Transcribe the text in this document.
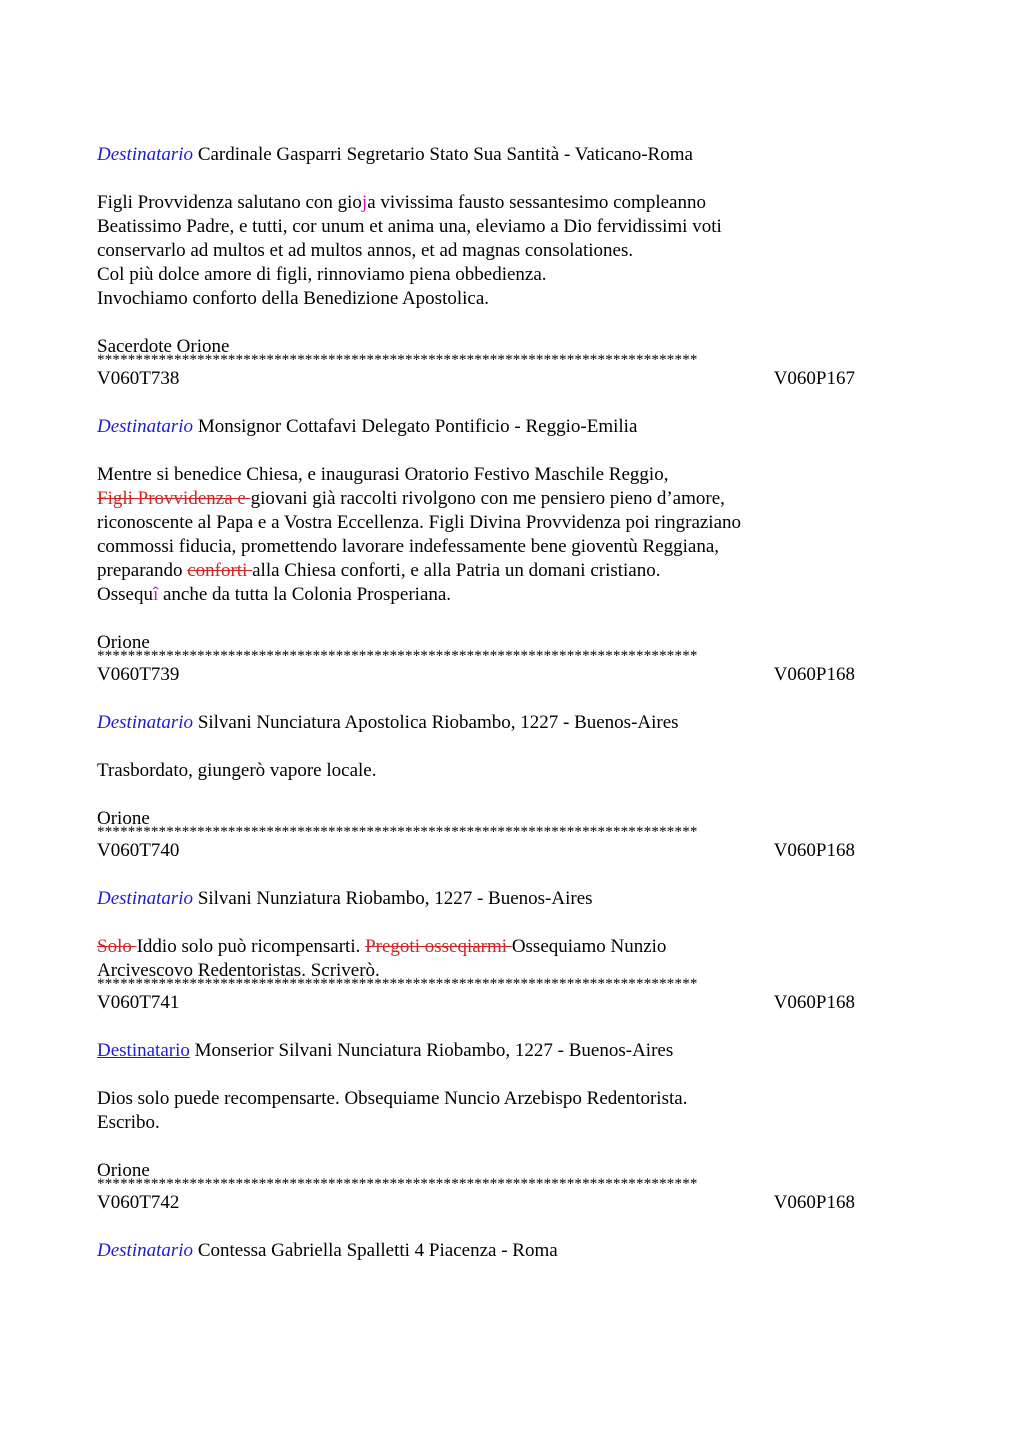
Destinatario Cardinale Gasparri Segretario Stato Sua Santità - Vaticano-Roma
Figli Provvidenza salutano con gioja vivissima fausto sessantesimo compleanno
Beatissimo Padre, e tutti, cor unum et anima una, eleviamo a Dio fervidissimi voti
conservarlo ad multos et ad multos annos, et ad magnas consolationes.
Col più dolce amore di figli, rinnoviamo piena obbedienza.
Invochiamo conforto della Benedizione Apostolica.
Sacerdote Orione
******************************************************************************
V060T738	V060P167
Destinatario Monsignor Cottafavi Delegato Pontificio - Reggio-Emilia
Mentre si benedice Chiesa, e inaugurasi Oratorio Festivo Maschile Reggio,
Figli Provvidenza e giovani già raccolti rivolgono con me pensiero pieno d’amore,
riconoscente al Papa e a Vostra Eccellenza. Figli Divina Provvidenza poi ringraziano
commossi fiducia, promettendo lavorare indefessamente bene gioventù Reggiana,
preparando conforti alla Chiesa conforti, e alla Patria un domani cristiano.
Ossequî anche da tutta la Colonia Prosperiana.
Orione
******************************************************************************
V060T739	V060P168
Destinatario Silvani Nunciatura Apostolica Riobambo, 1227 - Buenos-Aires
Trasbordato, giungerò vapore locale.
Orione
******************************************************************************
V060T740	V060P168
Destinatario Silvani Nunziatura Riobambo, 1227 - Buenos-Aires
Solo Iddio solo può ricompensarti. Pregoti osseqiarmi Ossequiamo Nunzio
Arcivescovo Redentoristas. Scriverò.
******************************************************************************
V060T741	V060P168
Destinatario Monserior Silvani Nunciatura Riobambo, 1227 - Buenos-Aires
Dios solo puede recompensarte. Obsequiame Nuncio Arzebispo Redentorista.
Escribo.
Orione
******************************************************************************
V060T742	V060P168
Destinatario Contessa Gabriella Spalletti 4 Piacenza - Roma
